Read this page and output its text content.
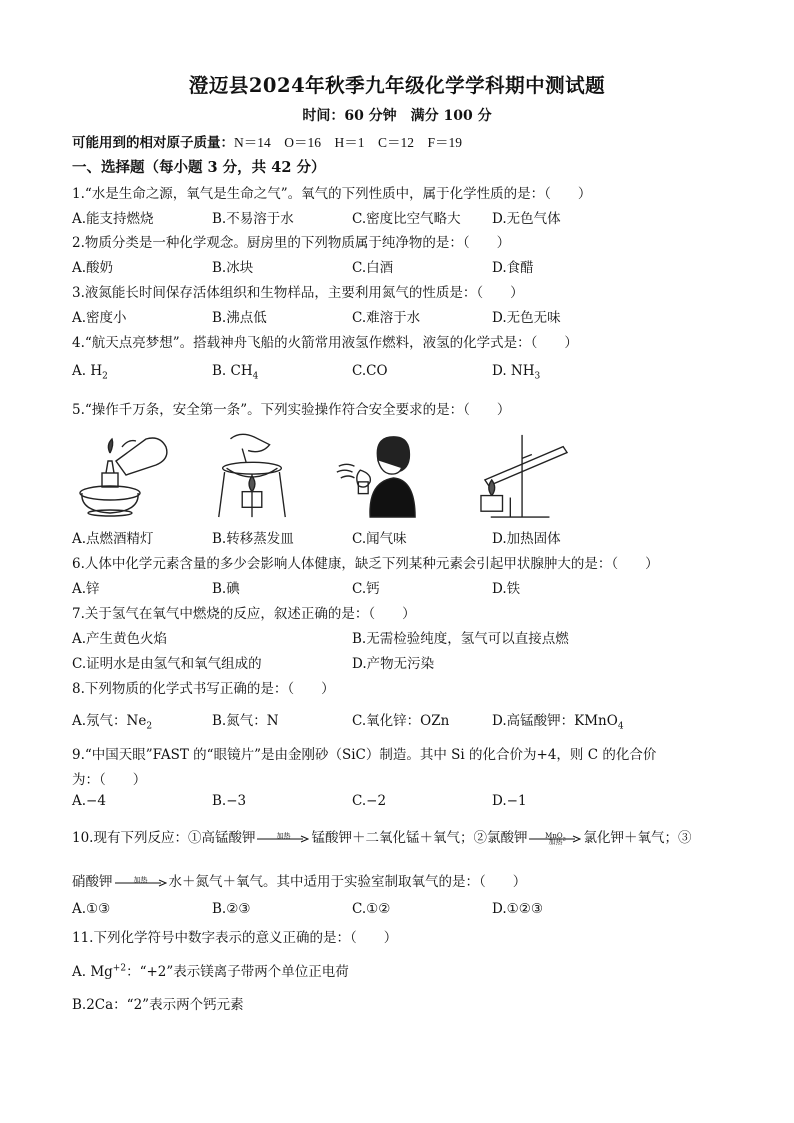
澄迈县2024年秋季九年级化学学科期中测试题
时间：60 分钟　满分 100 分
可能用到的相对原子质量：N＝14　O＝16　H＝1　C＝12　F＝19
一、选择题（每小题 3 分，共 42 分）
1.“水是生命之源，氧气是生命之气”。氧气的下列性质中，属于化学性质的是：（　　）
A.能支持燃烧	B.不易溶于水	C.密度比空气略大 D.无色气体
2.物质分类是一种化学观念。厨房里的下列物质属于纯净物的是：（　　）
A.酸奶	B.冰块	C.白酒	D.食醋
3.液氮能长时间保存活体组织和生物样品，主要利用氮气的性质是：（　　）
A.密度小	B.沸点低	C.难溶于水	D.无色无味
4.“航天点亮梦想”。搭载神舟飞船的火箭常用液氢作燃料，液氢的化学式是：（　　）
A. $H_2$	B. $CH_4$	C.CO	D. $NH_3$
5.“操作千万条，安全第一条”。下列实验操作符合安全要求的是：（　　）
A.点燃酒精灯	B.转移蒸发皿	C.闻气味	D.加热固体
6.人体中化学元素含量的多少会影响人体健康，缺乏下列某种元素会引起甲状腺肿大的是：（　　）
A.锌	B.碘	C.钙	D.铁
7.关于氢气在氧气中燃烧的反应，叙述正确的是：（　　）
A.产生黄色火焰	B.无需检验纯度，氢气可以直接点燃
C.证明水是由氢气和氧气组成的	D.产物无污染
8.下列物质的化学式书写正确的是：（　　）
A.氖气：$Ne_2$	B.氮气：N	C.氧化锌：OZn	D.高锰酸钾：KMnO$_4$
9.“中国天眼”FAST 的“眼镜片”是由金刚砂（SiC）制造。其中 Si 的化合价为+4，则 C 的化合价
为：（　　）
A.−4	B.−3	C.−2	D.−1
10.现有下列反应：①高锰酸钾	加热	锰酸钾＋二氧化锰＋氧气；②氯酸钾	MnO$_2$
加热	氯化钾＋氧气；③
硝酸钾	加热	水＋氮气＋氧气。其中适用于实验室制取氧气的是：（　　）
A.①③	B.②③	C.①②	D.①②③
11.下列化学符号中数字表示的意义正确的是：（　　）
A. $Mg^{+2}$：“+2”表示镁离子带两个单位正电荷
B.2Ca：“2”表示两个钙元素
